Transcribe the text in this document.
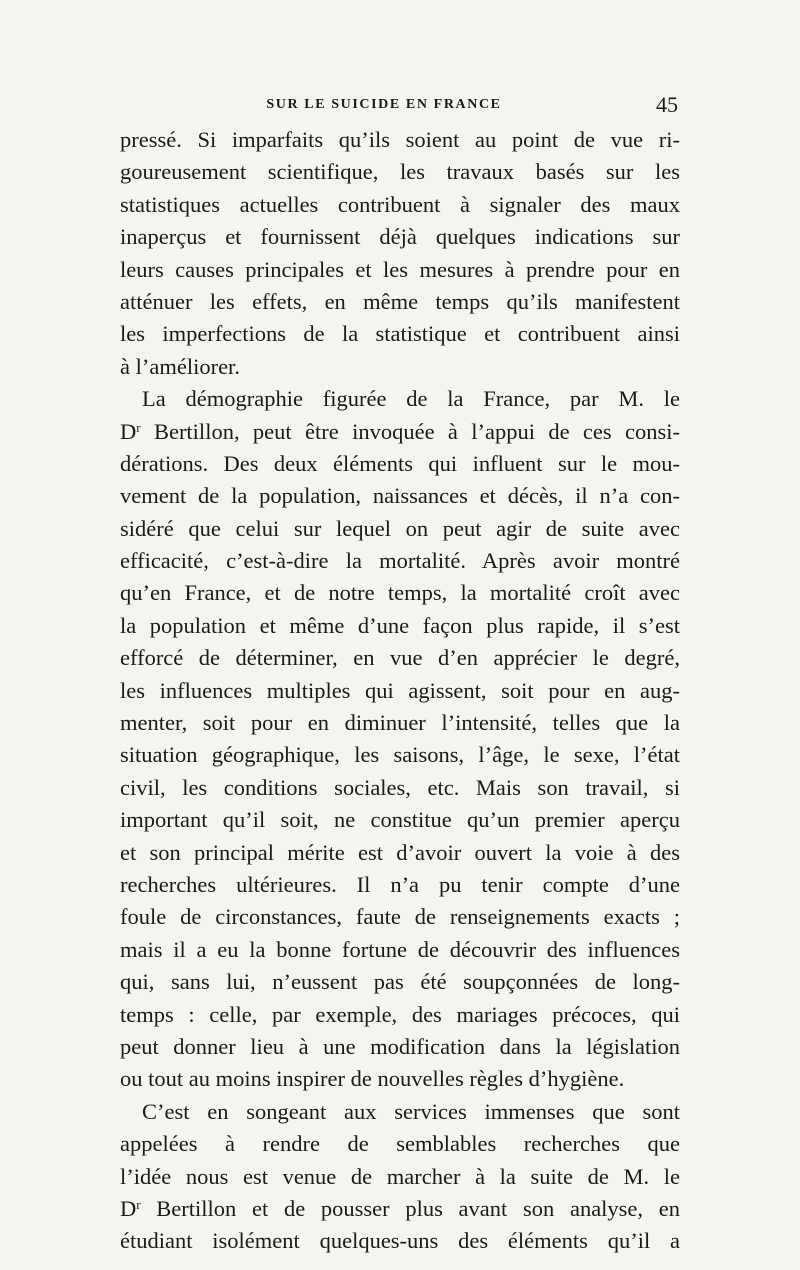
SUR LE SUICIDE EN FRANCE	45
pressé. Si imparfaits qu’ils soient au point de vue ri-
goureusement scientifique, les travaux basés sur les
statistiques actuelles contribuent à signaler des maux
inaperçus et fournissent déjà quelques indications sur
leurs causes principales et les mesures à prendre pour en
atténuer les effets, en même temps qu’ils manifestent
les imperfections de la statistique et contribuent ainsi
à l’améliorer.
La démographie figurée de la France, par M. le
$D^r$ Bertillon, peut être invoquée à l’appui de ces consi-
dérations. Des deux éléments qui influent sur le mou-
vement de la population, naissances et décès, il n’a con-
sidéré que celui sur lequel on peut agir de suite avec
efficacité, c’est-à-dire la mortalité. Après avoir montré
qu’en France, et de notre temps, la mortalité croît avec
la population et même d’une façon plus rapide, il s’est
efforcé de déterminer, en vue d’en apprécier le degré,
les influences multiples qui agissent, soit pour en aug-
menter, soit pour en diminuer l’intensité, telles que la
situation géographique, les saisons, l’âge, le sexe, l’état
civil, les conditions sociales, etc. Mais son travail, si
important qu’il soit, ne constitue qu’un premier aperçu
et son principal mérite est d’avoir ouvert la voie à des
recherches ultérieures. Il n’a pu tenir compte d’une
foule de circonstances, faute de renseignements exacts ;
mais il a eu la bonne fortune de découvrir des influences
qui, sans lui, n’eussent pas été soupçonnées de long-
temps : celle, par exemple, des mariages précoces, qui
peut donner lieu à une modification dans la législation
ou tout au moins inspirer de nouvelles règles d’hygiène.
C’est en songeant aux services immenses que sont
appelées à rendre de semblables recherches que
l’idée nous est venue de marcher à la suite de M. le
$D^r$ Bertillon et de pousser plus avant son analyse, en
étudiant isolément quelques-uns des éléments qu’il a
